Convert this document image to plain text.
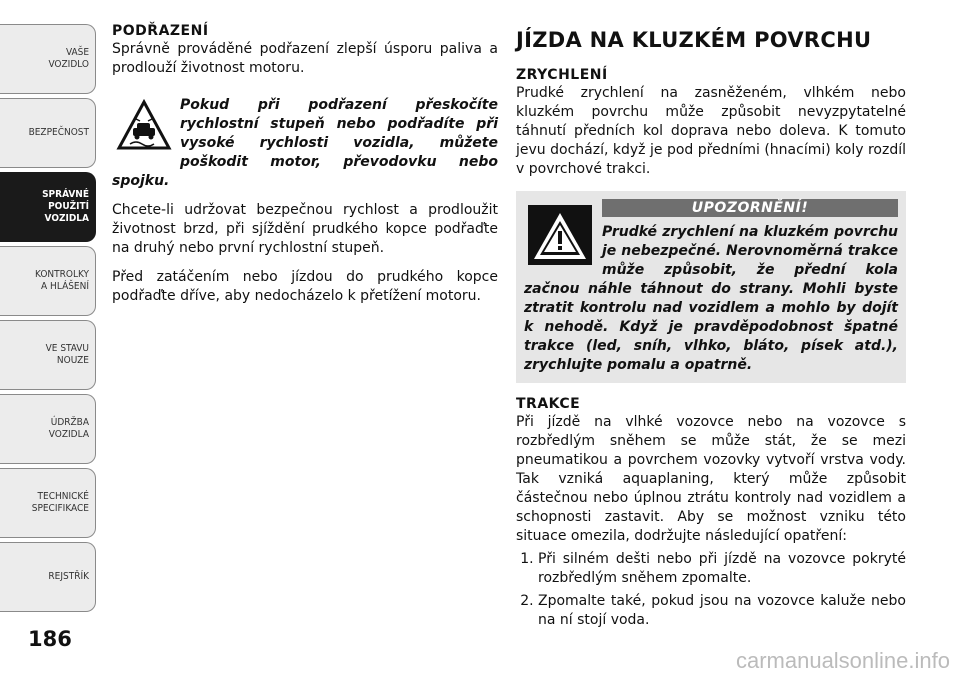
VAŠE
VOZIDLO
BEZPEČNOST
SPRÁVNÉ
POUŽITÍ
VOZIDLA
KONTROLKY
A HLÁŠENÍ
VE STAVU
NOUZE
ÚDRŽBA
VOZIDLA
TECHNICKÉ
SPECIFIKACE
REJSTŘÍK
186
PODŘAZENÍ

Správně prováděné podřazení zlepší úsporu paliva a prodlouží životnost motoru.

Pokud při podřazení přeskočíte rychlostní stupeň nebo podřadíte při vysoké rychlosti vozidla, můžete poškodit motor, převodovku nebo spojku.

Chcete-li udržovat bezpečnou rychlost a prodloužit životnost brzd, při sjíždění prudkého kopce podřaďte na druhý nebo první rychlostní stupeň.

Před zatáčením nebo jízdou do prudkého kopce podřaďte dříve, aby nedocházelo k přetížení motoru.

JÍZDA NA KLUZKÉM POVRCHU
ZRYCHLENÍ

Prudké zrychlení na zasněženém, vlhkém nebo kluzkém povrchu může způsobit nevyzpytatelné táhnutí předních kol doprava nebo doleva. K tomuto jevu dochází, když je pod předními (hnacími) koly rozdíl v povrchové trakci.

UPOZORNĚNÍ!
Prudké zrychlení na kluzkém povrchu je nebezpečné. Nerovnoměrná trakce může způsobit, že přední kola začnou náhle táhnout do strany. Mohli byste ztratit kontrolu nad vozidlem a mohlo by dojít k nehodě. Když je pravděpodobnost špatné trakce (led, sníh, vlhko, bláto, písek atd.), zrychlujte pomalu a opatrně.
TRAKCE

Při jízdě na vlhké vozovce nebo na vozovce s rozbředlým sněhem se může stát, že se mezi pneumatikou a povrchem vozovky vytvoří vrstva vody. Tak vzniká aquaplaning, který může způsobit částečnou nebo úplnou ztrátu kontroly nad vozidlem a schopnosti zastavit. Aby se možnost vzniku této situace omezila, dodržujte následující opatření:

1. Při silném dešti nebo při jízdě na vozovce pokryté rozbředlým sněhem zpomalte.
2. Zpomalte také, pokud jsou na vozovce kaluže nebo na ní stojí voda.
carmanualsonline.info
